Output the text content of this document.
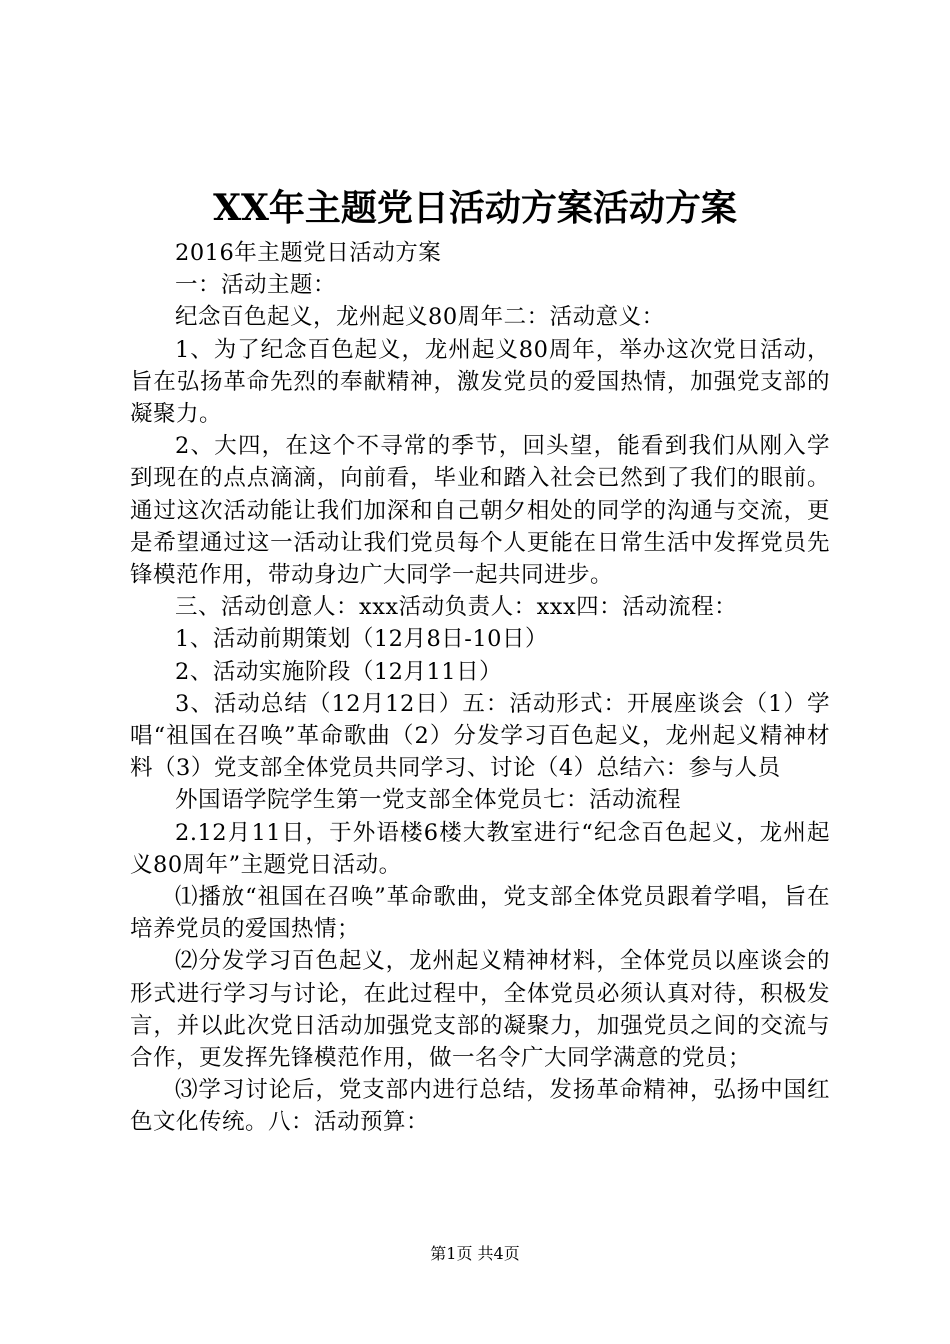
XX年主题党日活动方案活动方案

2016年主题党日活动方案

一：活动主题：

纪念百色起义，龙州起义80周年二：活动意义：

1、为了纪念百色起义，龙州起义80周年，举办这次党日活动，旨在弘扬革命先烈的奉献精神，激发党员的爱国热情，加强党支部的凝聚力。

2、大四，在这个不寻常的季节，回头望，能看到我们从刚入学到现在的点点滴滴，向前看，毕业和踏入社会已然到了我们的眼前。通过这次活动能让我们加深和自己朝夕相处的同学的沟通与交流，更是希望通过这一活动让我们党员每个人更能在日常生活中发挥党员先锋模范作用，带动身边广大同学一起共同进步。

三、活动创意人：xxx活动负责人：xxx四：活动流程：

1、活动前期策划（12月8日-10日）

2、活动实施阶段（12月11日）

3、活动总结（12月12日）五：活动形式：开展座谈会（1）学唱“祖国在召唤”革命歌曲（2）分发学习百色起义，龙州起义精神材料（3）党支部全体党员共同学习、讨论（4）总结六：参与人员

外国语学院学生第一党支部全体党员七：活动流程

2.12月11日，于外语楼6楼大教室进行“纪念百色起义，龙州起义80周年”主题党日活动。

⑴播放“祖国在召唤”革命歌曲，党支部全体党员跟着学唱，旨在培养党员的爱国热情；

⑵分发学习百色起义，龙州起义精神材料，全体党员以座谈会的形式进行学习与讨论，在此过程中，全体党员必须认真对待，积极发言，并以此次党日活动加强党支部的凝聚力，加强党员之间的交流与合作，更发挥先锋模范作用，做一名令广大同学满意的党员；

⑶学习讨论后，党支部内进行总结，发扬革命精神，弘扬中国红色文化传统。八：活动预算：

第1页 共4页
